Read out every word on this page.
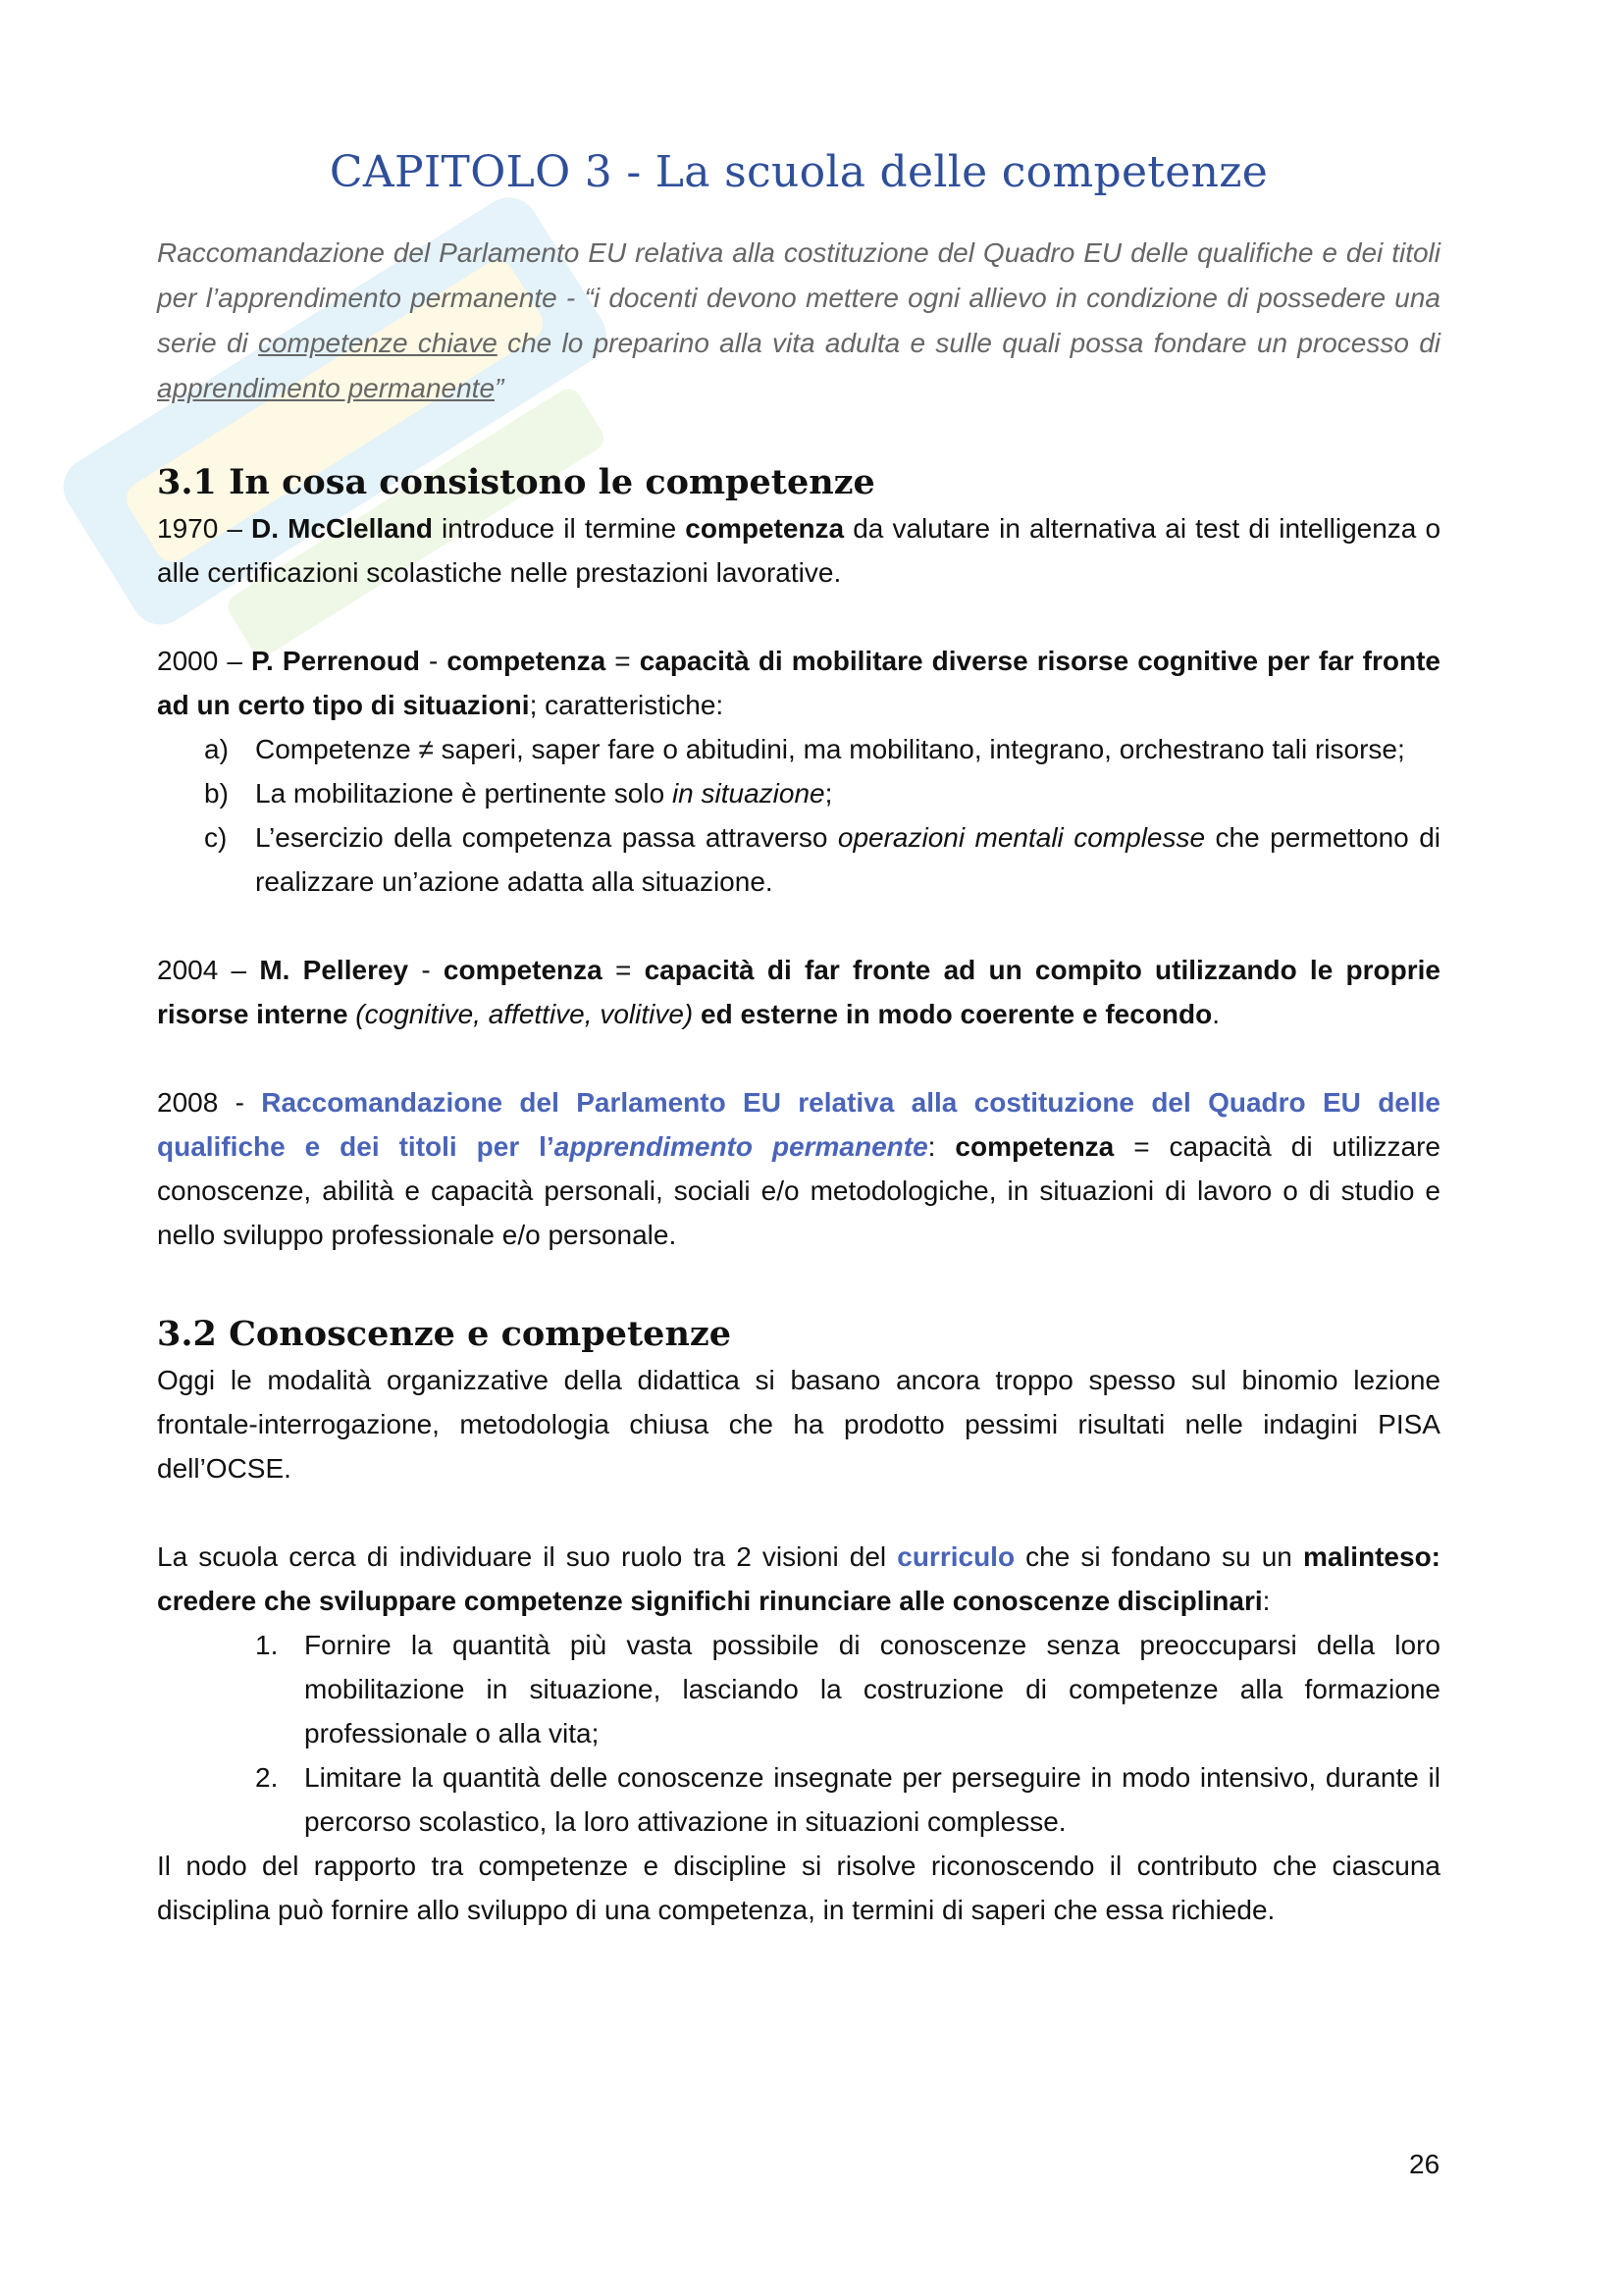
CAPITOLO 3 - La scuola delle competenze

Raccomandazione del Parlamento EU relativa alla costituzione del Quadro EU delle qualifiche e dei titoli per l’apprendimento permanente - “i docenti devono mettere ogni allievo in condizione di possedere una serie di competenze chiave che lo preparino alla vita adulta e sulle quali possa fondare un processo di apprendimento permanente”

3.1 In cosa consistono le competenze

1970 – D. McClelland introduce il termine competenza da valutare in alternativa ai test di intelligenza o alle certificazioni scolastiche nelle prestazioni lavorative.

2000 – P. Perrenoud - competenza = capacità di mobilitare diverse risorse cognitive per far fronte ad un certo tipo di situazioni; caratteristiche:

a) Competenze ≠ saperi, saper fare o abitudini, ma mobilitano, integrano, orchestrano tali risorse;
b) La mobilitazione è pertinente solo in situazione;
c) L’esercizio della competenza passa attraverso operazioni mentali complesse che permettono di realizzare un’azione adatta alla situazione.

2004 – M. Pellerey - competenza = capacità di far fronte ad un compito utilizzando le proprie risorse interne (cognitive, affettive, volitive) ed esterne in modo coerente e fecondo.

2008 - Raccomandazione del Parlamento EU relativa alla costituzione del Quadro EU delle qualifiche e dei titoli per l’apprendimento permanente: competenza = capacità di utilizzare conoscenze, abilità e capacità personali, sociali e/o metodologiche, in situazioni di lavoro o di studio e nello sviluppo professionale e/o personale.

3.2 Conoscenze e competenze

Oggi le modalità organizzative della didattica si basano ancora troppo spesso sul binomio lezione frontale-interrogazione, metodologia chiusa che ha prodotto pessimi risultati nelle indagini PISA dell’OCSE.

La scuola cerca di individuare il suo ruolo tra 2 visioni del curriculo che si fondano su un malinteso: credere che sviluppare competenze significhi rinunciare alle conoscenze disciplinari:

1. Fornire la quantità più vasta possibile di conoscenze senza preoccuparsi della loro mobilitazione in situazione, lasciando la costruzione di competenze alla formazione professionale o alla vita;
2. Limitare la quantità delle conoscenze insegnate per perseguire in modo intensivo, durante il percorso scolastico, la loro attivazione in situazioni complesse.

Il nodo del rapporto tra competenze e discipline si risolve riconoscendo il contributo che ciascuna disciplina può fornire allo sviluppo di una competenza, in termini di saperi che essa richiede.

26
